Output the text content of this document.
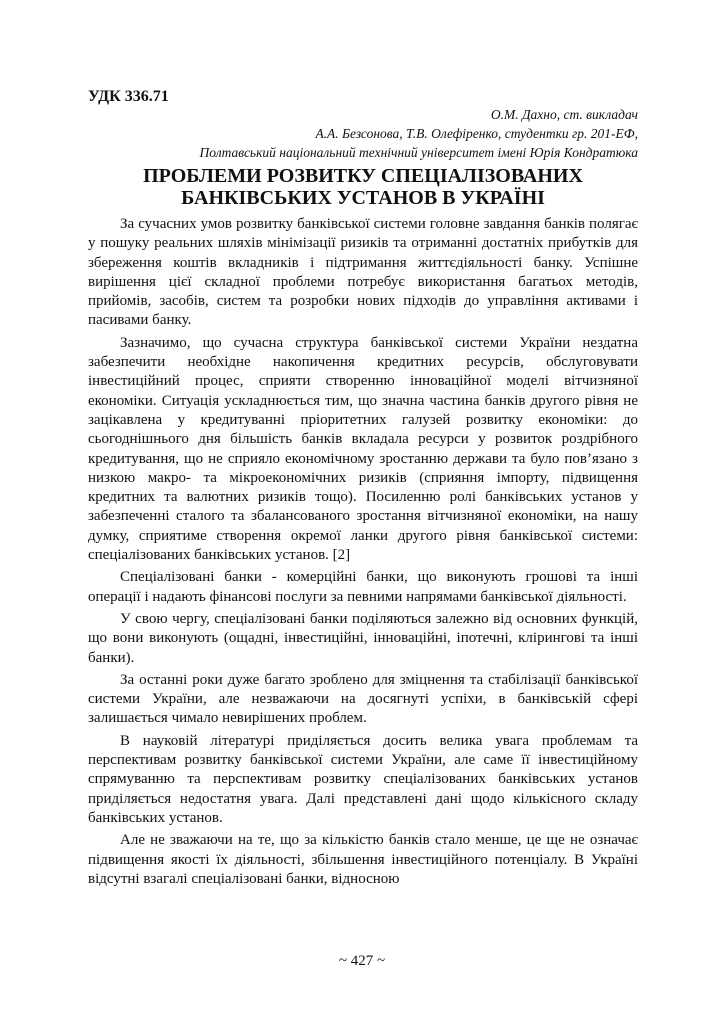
УДК 336.71
О.М. Дахно, ст. викладач
А.А. Безсонова, Т.В. Олефіренко, студентки гр. 201-ЕФ,
Полтавський національний технічний університет імені Юрія Кондратюка
ПРОБЛЕМИ РОЗВИТКУ СПЕЦІАЛІЗОВАНИХ
БАНКІВСЬКИХ УСТАНОВ В УКРАЇНІ

За сучасних умов розвитку банківської системи головне завдання банків полягає у пошуку реальних шляхів мінімізації ризиків та отриманні достатніх прибутків для збереження коштів вкладників і підтримання життєдіяльності банку. Успішне вирішення цієї складної проблеми потребує використання багатьох методів, прийомів, засобів, систем та розробки нових підходів до управління активами і пасивами банку.

Зазначимо, що сучасна структура банківської системи України нездатна забезпечити необхідне накопичення кредитних ресурсів, обслуговувати інвестиційний процес, сприяти створенню інноваційної моделі вітчизняної економіки. Ситуація ускладнюється тим, що значна частина банків другого рівня не зацікавлена у кредитуванні пріоритетних галузей розвитку економіки: до сьогоднішнього дня більшість банків вкладала ресурси у розвиток роздрібного кредитування, що не сприяло економічному зростанню держави та було пов’язано з низкою макро- та мікроекономічних ризиків (сприяння імпорту, підвищення кредитних та валютних ризиків тощо). Посиленню ролі банківських установ у забезпеченні сталого та збалансованого зростання вітчизняної економіки, на нашу думку, сприятиме створення окремої ланки другого рівня банківської системи: спеціалізованих банківських установ. [2]

Спеціалізовані банки - комерційні банки, що виконують грошові та інші операції і надають фінансові послуги за певними напрямами банківської діяльності.

У свою чергу, спеціалізовані банки поділяються залежно від основних функцій, що вони виконують (ощадні, інвестиційні, інноваційні, іпотечні, клірингові та інші банки).

За останні роки дуже багато зроблено для зміцнення та стабілізації банківської системи України, але незважаючи на досягнуті успіхи, в банківській сфері залишається чимало невирішених проблем.

В науковій літературі приділяється досить велика увага проблемам та перспективам розвитку банківської системи України, але саме її інвестиційному спрямуванню та перспективам розвитку спеціалізованих банківських установ приділяється недостатня увага. Далі представлені дані щодо кількісного складу банківських установ.

Але не зважаючи на те, що за кількістю банків стало менше, це ще не означає підвищення якості їх діяльності, збільшення інвестиційного потенціалу. В Україні відсутні взагалі спеціалізовані банки, відносною

~ 427 ~
